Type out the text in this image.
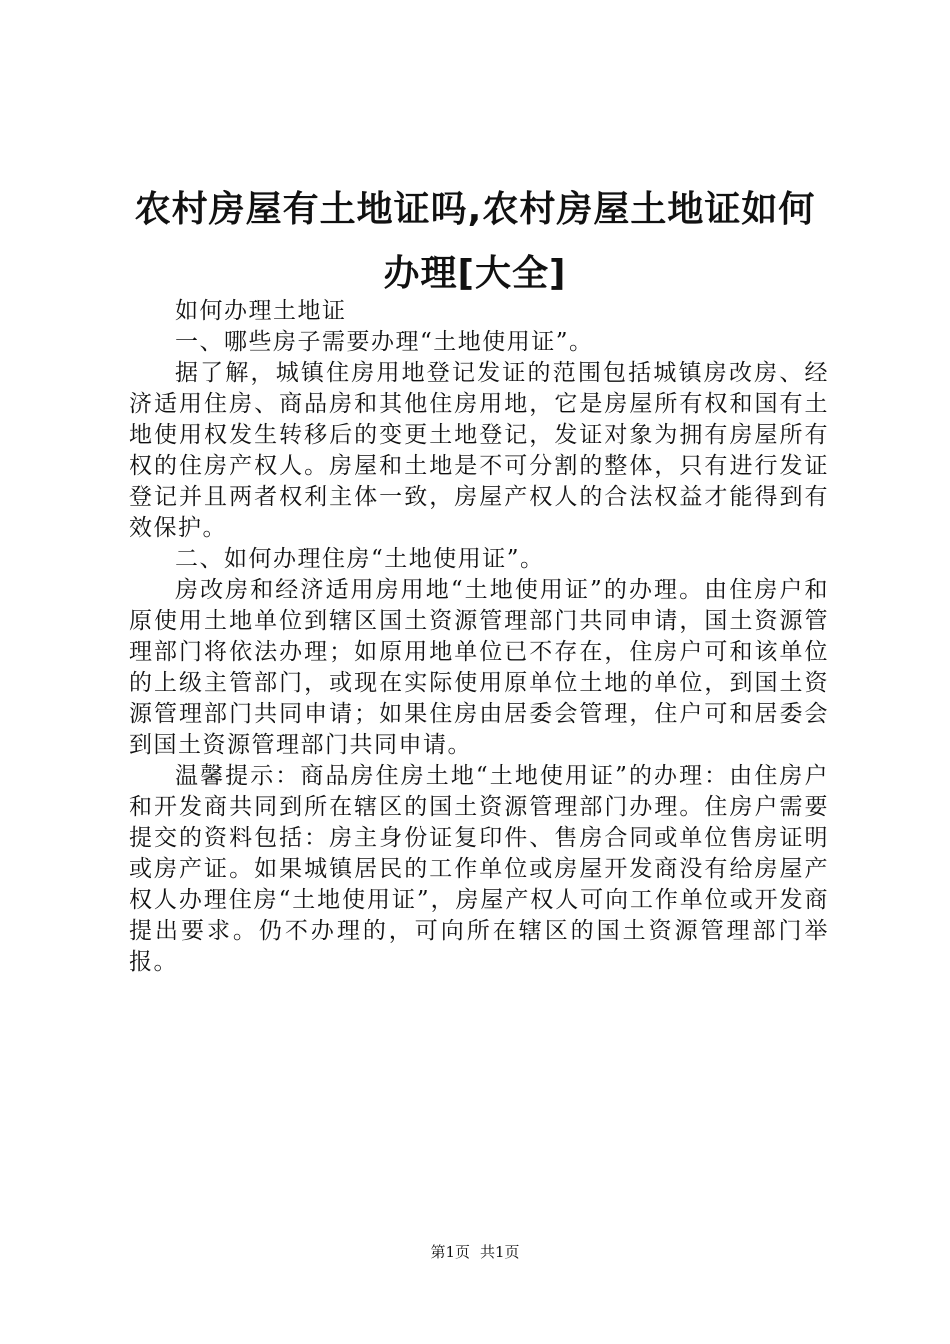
农村房屋有土地证吗,农村房屋土地证如何办理[大全]

如何办理土地证

一、哪些房子需要办理“土地使用证”。

据了解，城镇住房用地登记发证的范围包括城镇房改房、经济适用住房、商品房和其他住房用地，它是房屋所有权和国有土地使用权发生转移后的变更土地登记，发证对象为拥有房屋所有权的住房产权人。房屋和土地是不可分割的整体，只有进行发证登记并且两者权利主体一致，房屋产权人的合法权益才能得到有效保护。

二、如何办理住房“土地使用证”。

房改房和经济适用房用地“土地使用证”的办理。由住房户和原使用土地单位到辖区国土资源管理部门共同申请，国土资源管理部门将依法办理；如原用地单位已不存在，住房户可和该单位的上级主管部门，或现在实际使用原单位土地的单位，到国土资源管理部门共同申请；如果住房由居委会管理，住户可和居委会到国土资源管理部门共同申请。

温馨提示：商品房住房土地“土地使用证”的办理：由住房户和开发商共同到所在辖区的国土资源管理部门办理。住房户需要提交的资料包括：房主身份证复印件、售房合同或单位售房证明或房产证。如果城镇居民的工作单位或房屋开发商没有给房屋产权人办理住房“土地使用证”，房屋产权人可向工作单位或开发商提出要求。仍不办理的，可向所在辖区的国土资源管理部门举报。

第1页 共1页
